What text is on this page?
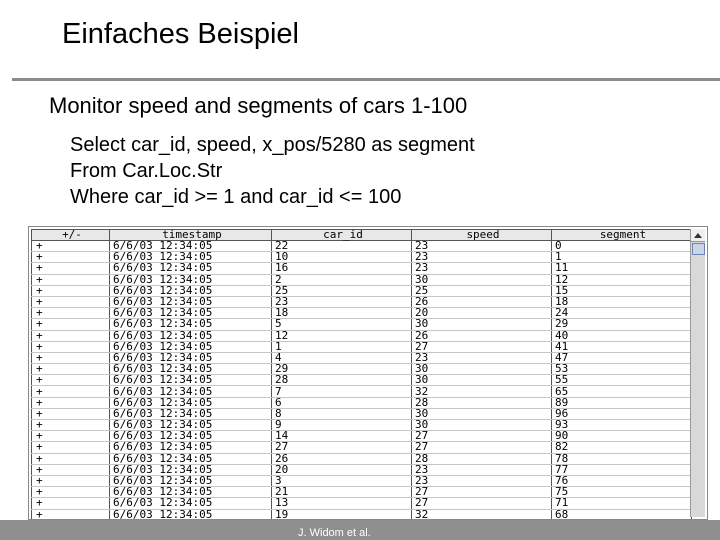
Einfaches Beispiel
Monitor speed and segments of cars 1-100
Select car_id, speed, x_pos/5280 as segment
From Car.Loc.Str
Where car_id >= 1 and car_id <= 100
+/-	timestamp	car_id	speed	segment
+	6/6/03 12:34:05	22	23	0
+	6/6/03 12:34:05	10	23	1
+	6/6/03 12:34:05	16	23	11
+	6/6/03 12:34:05	2	30	12
+	6/6/03 12:34:05	25	25	15
+	6/6/03 12:34:05	23	26	18
+	6/6/03 12:34:05	18	20	24
+	6/6/03 12:34:05	5	30	29
+	6/6/03 12:34:05	12	26	40
+	6/6/03 12:34:05	1	27	41
+	6/6/03 12:34:05	4	23	47
+	6/6/03 12:34:05	29	30	53
+	6/6/03 12:34:05	28	30	55
+	6/6/03 12:34:05	7	32	65
+	6/6/03 12:34:05	6	28	89
+	6/6/03 12:34:05	8	30	96
+	6/6/03 12:34:05	9	30	93
+	6/6/03 12:34:05	14	27	90
+	6/6/03 12:34:05	27	27	82
+	6/6/03 12:34:05	26	28	78
+	6/6/03 12:34:05	20	23	77
+	6/6/03 12:34:05	3	23	76
+	6/6/03 12:34:05	21	27	75
+	6/6/03 12:34:05	13	27	71
+	6/6/03 12:34:05	19	32	68
J. Widom et al.
